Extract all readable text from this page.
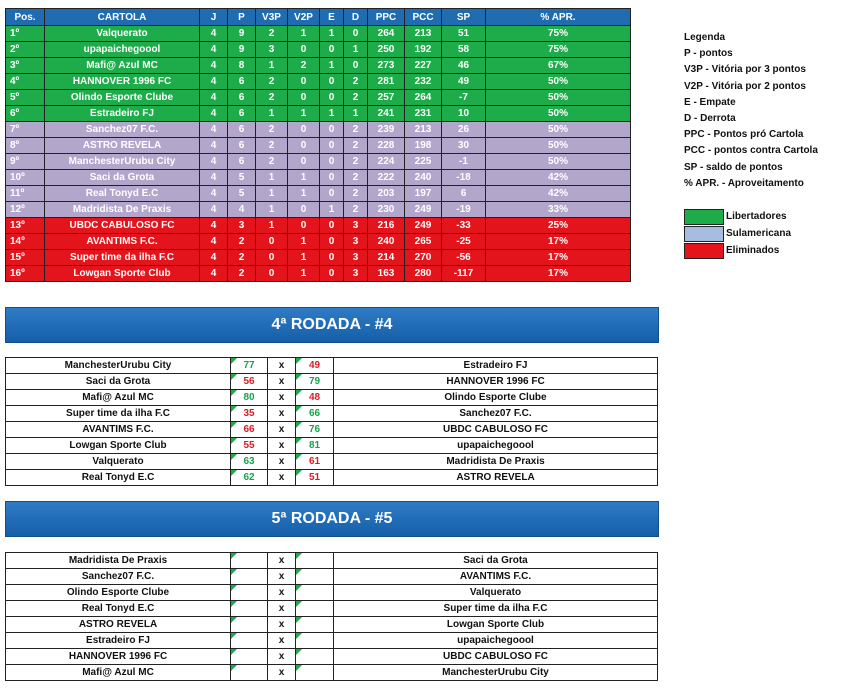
Pos.	CARTOLA	J	P	V3P	V2P	E	D	PPC	PCC	SP	% APR.
1º	Valquerato	4	9	2	1	1	0	264	213	51	75%
2º	upapaichegoool	4	9	3	0	0	1	250	192	58	75%
3º	Mafi@ Azul MC	4	8	1	2	1	0	273	227	46	67%
4º	HANNOVER 1996 FC	4	6	2	0	0	2	281	232	49	50%
5º	Olindo Esporte Clube	4	6	2	0	0	2	257	264	-7	50%
6º	Estradeiro FJ	4	6	1	1	1	1	241	231	10	50%
7º	Sanchez07 F.C.	4	6	2	0	0	2	239	213	26	50%
8º	ASTRO REVELA	4	6	2	0	0	2	228	198	30	50%
9º	ManchesterUrubu City	4	6	2	0	0	2	224	225	-1	50%
10º	Saci da Grota	4	5	1	1	0	2	222	240	-18	42%
11º	Real Tonyd E.C	4	5	1	1	0	2	203	197	6	42%
12º	Madridista De Praxis	4	4	1	0	1	2	230	249	-19	33%
13º	UBDC CABULOSO FC	4	3	1	0	0	3	216	249	-33	25%
14º	AVANTIMS F.C.	4	2	0	1	0	3	240	265	-25	17%
15º	Super time da ilha F.C	4	2	0	1	0	3	214	270	-56	17%
16º	Lowgan Sporte Club	4	2	0	1	0	3	163	280	-117	17%
Legenda
P - pontos
V3P - Vitória por 3 pontos
V2P - Vitória por 2 pontos
E - Empate
D - Derrota
PPC - Pontos pró Cartola
PCC - pontos contra Cartola
SP - saldo de pontos
% APR. - Aproveitamento
Libertadores
Sulamericana
Eliminados
4ª RODADA - #4
ManchesterUrubu City	77	x	49	Estradeiro FJ
Saci da Grota	56	x	79	HANNOVER 1996 FC
Mafi@ Azul MC	80	x	48	Olindo Esporte Clube
Super time da ilha F.C	35	x	66	Sanchez07 F.C.
AVANTIMS F.C.	66	x	76	UBDC CABULOSO FC
Lowgan Sporte Club	55	x	81	upapaichegoool
Valquerato	63	x	61	Madridista De Praxis
Real Tonyd E.C	62	x	51	ASTRO REVELA
5ª RODADA - #5
Madridista De Praxis		x		Saci da Grota
Sanchez07 F.C.		x		AVANTIMS F.C.
Olindo Esporte Clube		x		Valquerato
Real Tonyd E.C		x		Super time da ilha F.C
ASTRO REVELA		x		Lowgan Sporte Club
Estradeiro FJ		x		upapaichegoool
HANNOVER 1996 FC		x		UBDC CABULOSO FC
Mafi@ Azul MC		x		ManchesterUrubu City
